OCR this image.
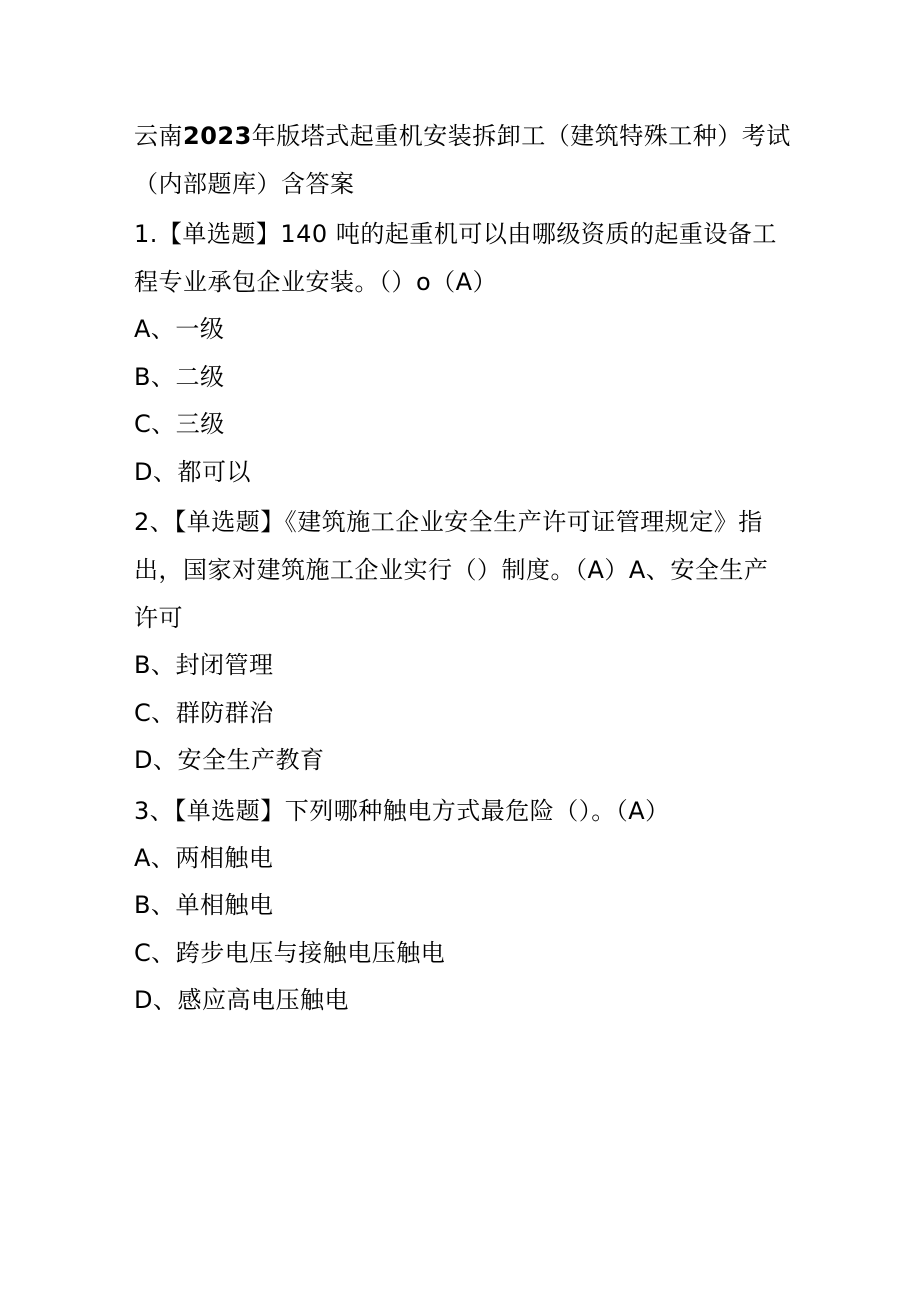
云南2023年版塔式起重机安装拆卸工（建筑特殊工种）考试
（内部题库）含答案
1.【单选题】140 吨的起重机可以由哪级资质的起重设备工
程专业承包企业安装。（）o（A）
A、一级
B、二级
C、三级
D、都可以
2、【单选题】《建筑施工企业安全生产许可证管理规定》指
出，国家对建筑施工企业实行（）制度。（A）A、安全生产
许可
B、封闭管理
C、群防群治
D、安全生产教育
3、【单选题】下列哪种触电方式最危险（）。（A）
A、两相触电
B、单相触电
C、跨步电压与接触电压触电
D、感应高电压触电
